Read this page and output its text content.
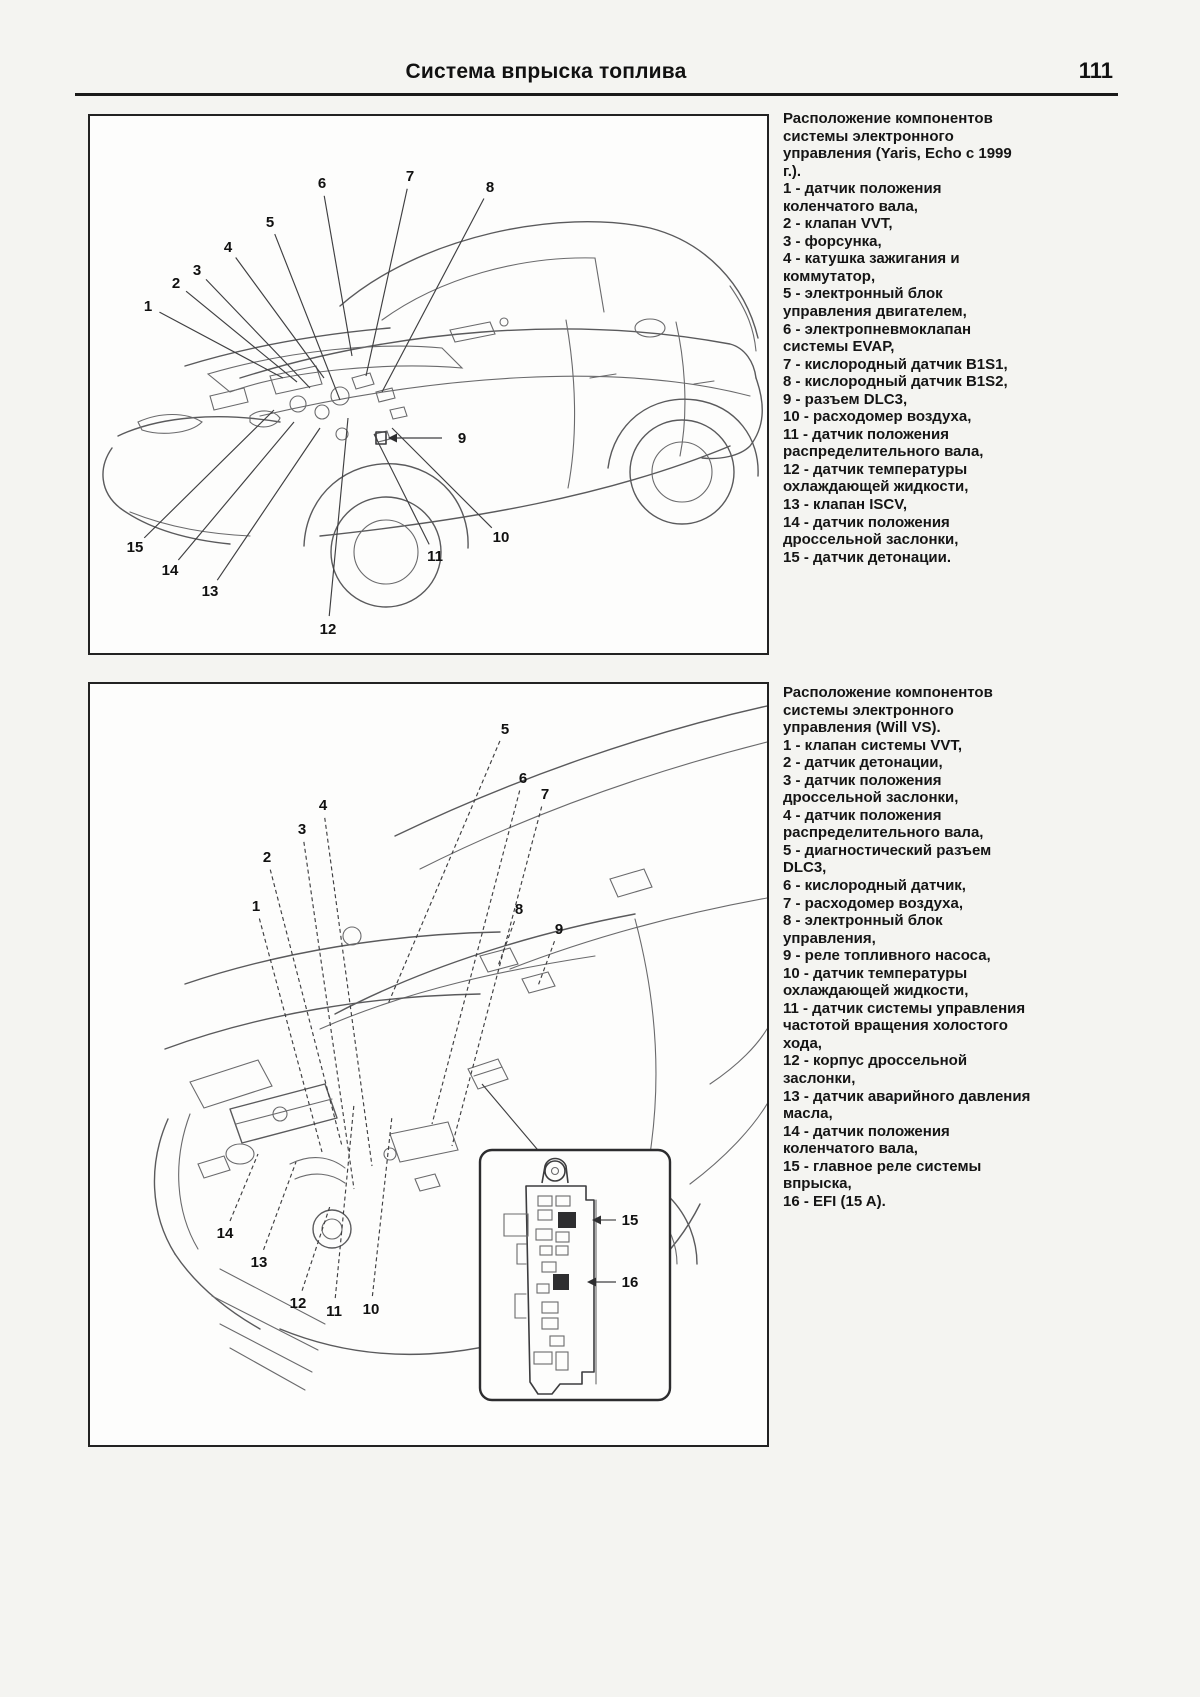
Система впрыска топлива	111
1
2
3
4
5
6	7
8
9
10
11
12
13
14
15
Расположение компонентов системы электронного управления (Yaris, Echo с 1999 г.).
1 - датчик положения коленчатого вала,
2 - клапан VVT,
3 - форсунка,
4 - катушка зажигания и коммутатор,
5 - электронный блок управления двигателем,
6 - электропневмоклапан системы EVAP,
7 - кислородный датчик B1S1,
8 - кислородный датчик B1S2,
9 - разъем DLC3,
10 - расходомер воздуха,
11 - датчик положения распределительного вала,
12 - датчик температуры охлаждающей жидкости,
13 - клапан ISCV,
14 - датчик положения дроссельной заслонки,
15 - датчик детонации.
1
2
3
4
5
6
7
8
9
10
11
12
13
14
15
16
Расположение компонентов системы электронного управления (Will VS).
1 - клапан системы VVT,
2 - датчик детонации,
3 - датчик положения дроссельной заслонки,
4 - датчик положения распределительного вала,
5 - диагностический разъем DLC3,
6 - кислородный датчик,
7 - расходомер воздуха,
8 - электронный блок управления,
9 - реле топливного насоса,
10 - датчик температуры охлаждающей жидкости,
11 - датчик системы управления частотой вращения холостого хода,
12 - корпус дроссельной заслонки,
13 - датчик аварийного давления масла,
14 - датчик положения коленчатого вала,
15 - главное реле системы впрыска,
16 - EFI (15 A).
